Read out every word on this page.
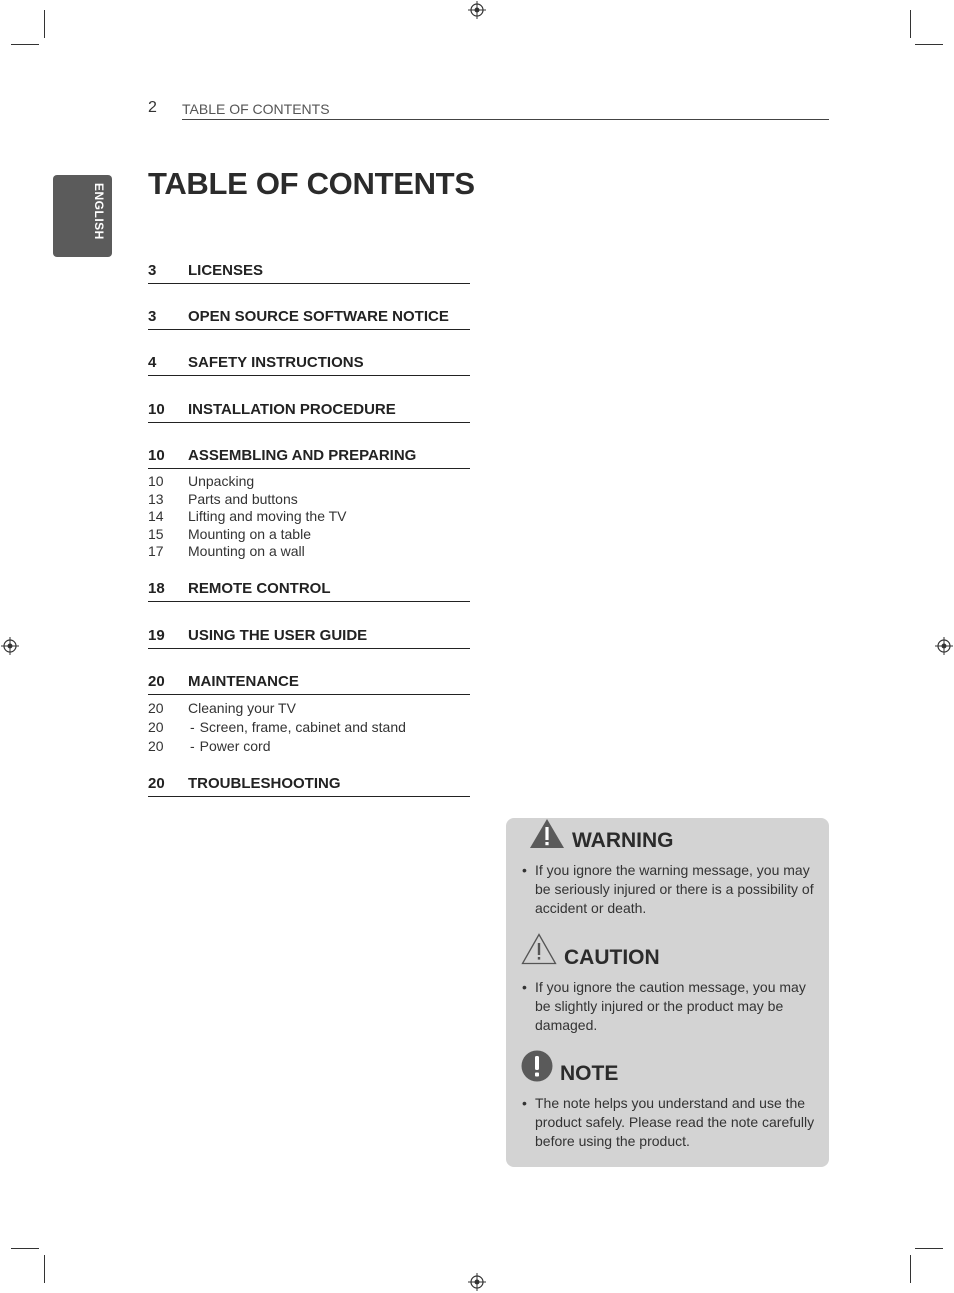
2 TABLE OF CONTENTS
ENGLISH TABLE OF CONTENTS
3	LICENSES
3	OPEN SOURCE SOFTWARE NOTICE
4	SAFETY INSTRUCTIONS
10	INSTALLATION PROCEDURE
10	ASSEMBLING AND PREPARING
10	Unpacking
13	Parts and buttons
14	Lifting and moving the TV
15	Mounting on a table
17	Mounting on a wall
18	REMOTE CONTROL
19	USING THE USER GUIDE
20	MAINTENANCE
20	Cleaning your TV
20	- Screen, frame, cabinet and stand
20	- Power cord
20	TROUBLESHOOTING
WARNING
• If you ignore the warning message, you may be seriously injured or there is a possibility of accident or death.
CAUTION
• If you ignore the caution message, you may be slightly injured or the product may be damaged.
NOTE
• The note helps you understand and use the product safely. Please read the note carefully before using the product.
